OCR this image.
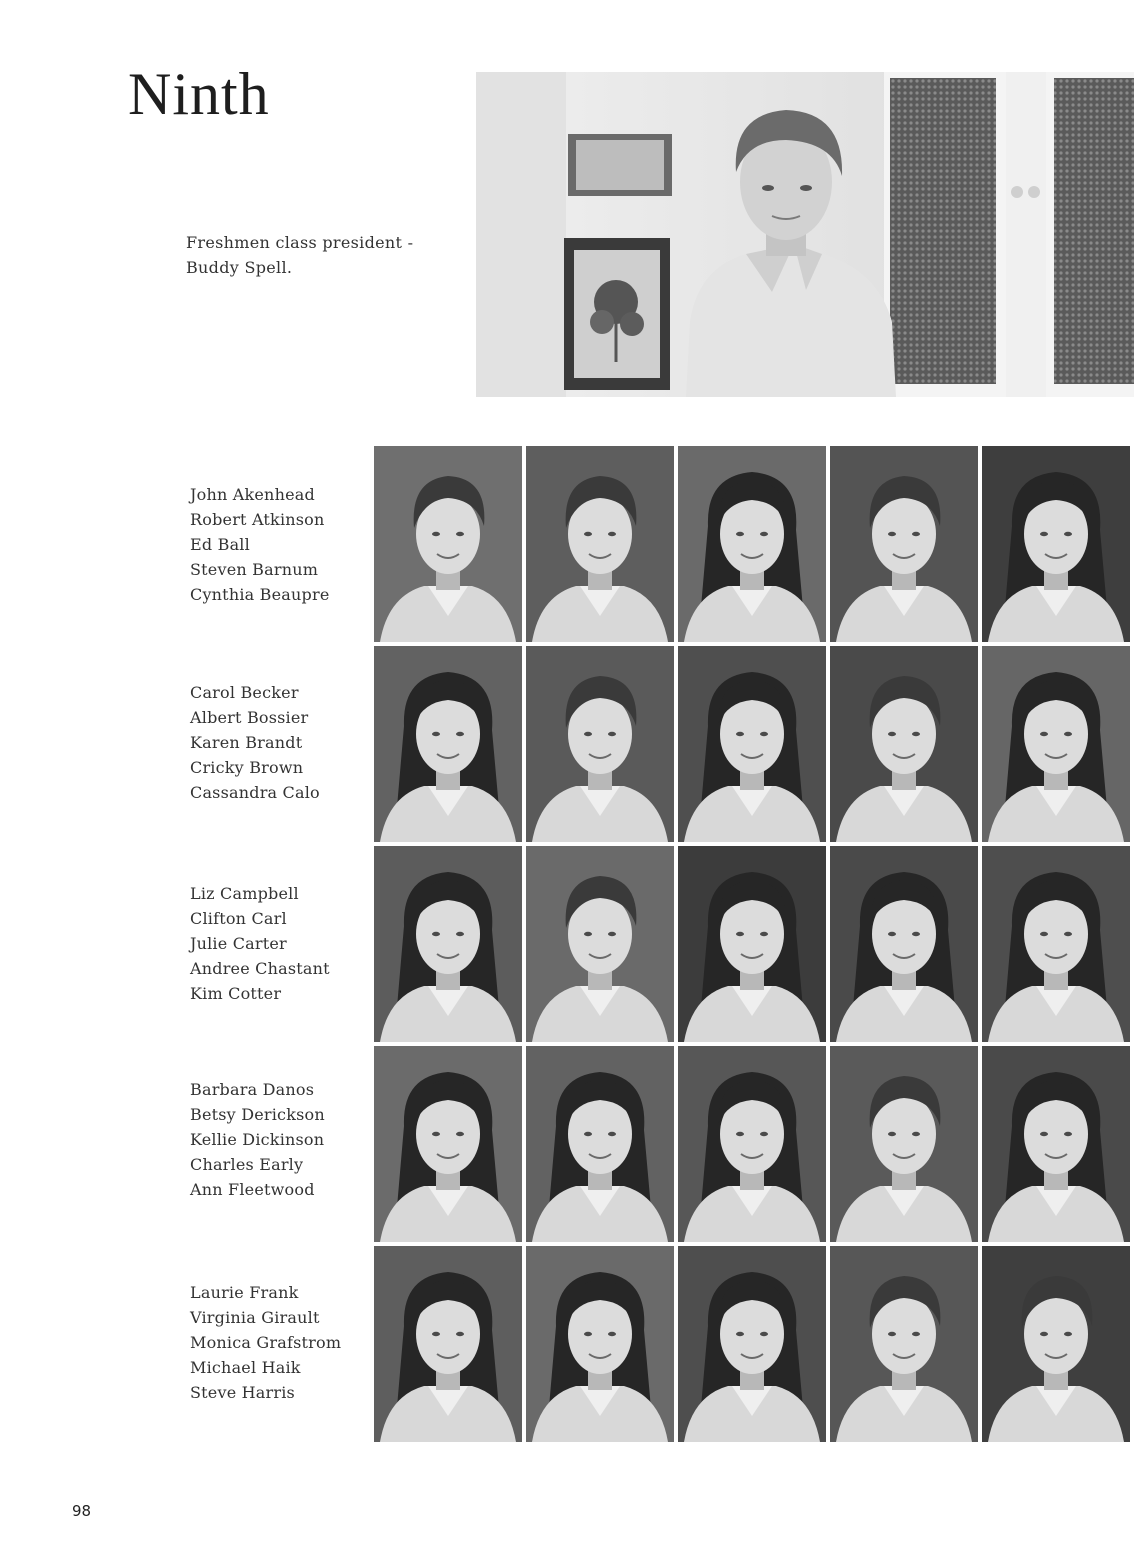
Ninth
Freshmen class president -
Buddy Spell.
John Akenhead
Robert Atkinson
Ed Ball
Steven Barnum
Cynthia Beaupre
Carol Becker
Albert Bossier
Karen Brandt
Cricky Brown
Cassandra Calo
Liz Campbell
Clifton Carl
Julie Carter
Andree Chastant
Kim Cotter
Barbara Danos
Betsy Derickson
Kellie Dickinson
Charles Early
Ann Fleetwood
Laurie Frank
Virginia Girault
Monica Grafstrom
Michael Haik
Steve Harris
98
